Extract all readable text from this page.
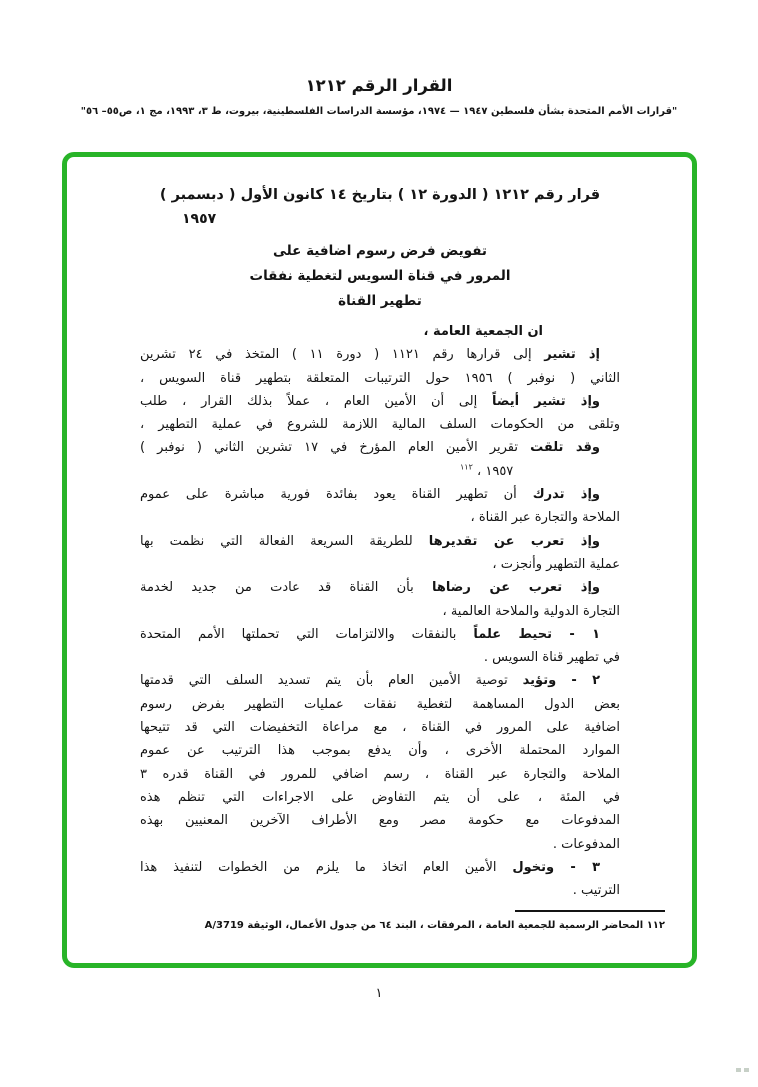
القرار الرقم ١٢١٢
"قرارات الأمم المتحدة بشأن فلسطين ١٩٤٧ — ١٩٧٤، مؤسسة الدراسات الفلسطينية، بيروت، ط ٣، ١٩٩٣، مج ١، ص٥٥– ٥٦"
قرار رقم ١٢١٢ ( الدورة ١٢ ) بتاريخ ١٤ كانون الأول ( دبسمبر )
١٩٥٧
تفويض فرض رسوم اضافية على
المرور في قناة السويس لتغطية نفقات
تطهير القناة
ان الجمعية العامة ،
إذ تشير إلى قرارها رقم ١١٢١ ( دورة ١١ ) المتخذ في ٢٤ تشرين
الثاني ( نوفبر ) ١٩٥٦ حول الترتيبات المتعلقة بتطهير قناة السويس ،
وإذ تشير أيضاً إلى أن الأمين العام ، عملاً بذلك القرار ، طلب
وتلقى من الحكومات السلف المالية اللازمة للشروع في عملية التطهير ،
وقد تلقت تقرير الأمين العام المؤرخ في ١٧ تشرين الثاني ( نوفبر )
١٩٥٧ ، $^{١١٢}$
وإذ تدرك أن تطهير القناة يعود بفائدة فورية مباشرة على عموم
الملاحة والتجارة عبر القناة ،
وإذ تعرب عن تقديرها للطريقة السريعة الفعالة التي نظمت بها
عملية التطهير وأنجزت ،
وإذ تعرب عن رضاها بأن القناة قد عادت من جديد لخدمة
التجارة الدولية والملاحة العالمية ،
١ - تحيط علماً بالنفقات والالتزامات التي تحملتها الأمم المتحدة
في تطهير قناة السويس .
٢ - وتؤيد توصية الأمين العام بأن يتم تسديد السلف التي قدمتها
بعض الدول المساهمة لتغطية نفقات عمليات التطهير بفرض رسوم
اضافية على المرور في القناة ، مع مراعاة التخفيضات التي قد تتيحها
الموارد المحتملة الأخرى ، وأن يدفع بموجب هذا الترتيب عن عموم
الملاحة والتجارة عبر القناة ، رسم اضافي للمرور في القناة قدره ٣
في المئة ، على أن يتم التفاوض على الاجراءات التي تنظم هذه
المدفوعات مع حكومة مصر ومع الأطراف الآخرين المعنيين بهذه
المدفوعات .
٣ - وتخول الأمين العام اتخاذ ما يلزم من الخطوات لتنفيذ هذا
الترتيب .
١١٢ المحاضر الرسمية للجمعية العامة ، المرفقات ، البند ٦٤ من جدول الأعمال، الوثيقة A/3719
١
